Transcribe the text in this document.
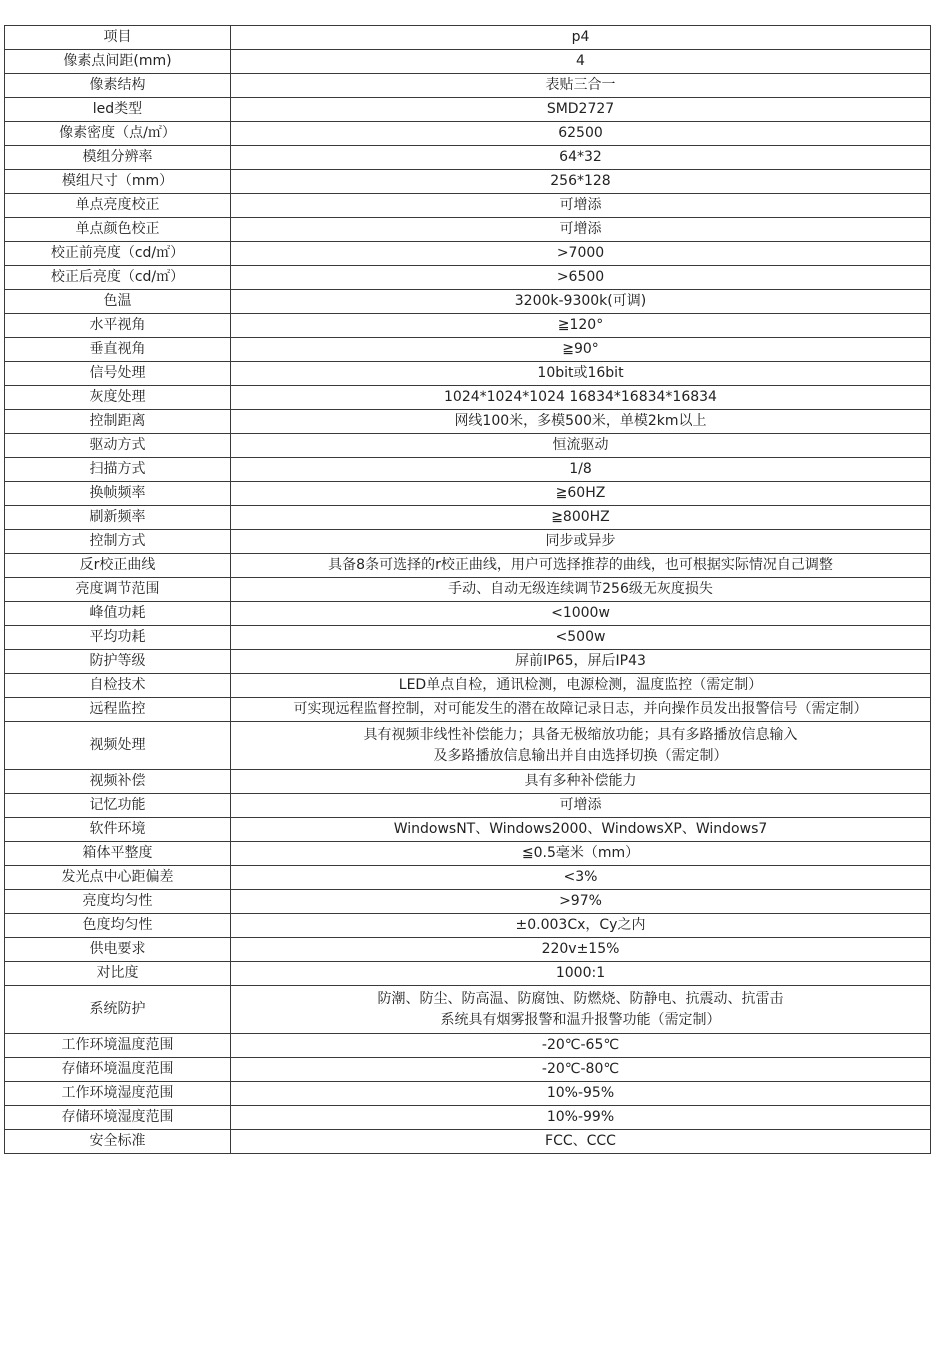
项目	p4
像素点间距(mm)	4
像素结构	表贴三合一
led类型	SMD2727
像素密度（点/㎡）	62500
模组分辨率	64*32
模组尺寸（mm）	256*128
单点亮度校正	可增添
单点颜色校正	可增添
校正前亮度（cd/㎡）	>7000
校正后亮度（cd/㎡）	>6500
色温	3200k-9300k(可调)
水平视角	≧120°
垂直视角	≧90°
信号处理	10bit或16bit
灰度处理	1024*1024*1024 16834*16834*16834
控制距离	网线100米，多模500米，单模2km以上
驱动方式	恒流驱动
扫描方式	1/8
换帧频率	≧60HZ
刷新频率	≧800HZ
控制方式	同步或异步
反r校正曲线	具备8条可选择的r校正曲线，用户可选择推荐的曲线，也可根据实际情况自己调整
亮度调节范围	手动、自动无级连续调节256级无灰度损失
峰值功耗	<1000w
平均功耗	<500w
防护等级	屏前IP65，屏后IP43
自检技术	LED单点自检，通讯检测，电源检测，温度监控（需定制）
远程监控	可实现远程监督控制，对可能发生的潜在故障记录日志，并向操作员发出报警信号（需定制）
视频处理	具有视频非线性补偿能力；具备无极缩放功能；具有多路播放信息输入
及多路播放信息输出并自由选择切换（需定制）

视频补偿	具有多种补偿能力
记忆功能	可增添
软件环境	WindowsNT、Windows2000、WindowsXP、Windows7
箱体平整度	≦0.5毫米（mm）
发光点中心距偏差	<3%
亮度均匀性	>97%
色度均匀性	±0.003Cx，Cy之内
供电要求	220v±15%
对比度	1000:1
系统防护	防潮、防尘、防高温、防腐蚀、防燃烧、防静电、抗震动、抗雷击
系统具有烟雾报警和温升报警功能（需定制）

工作环境温度范围	-20℃-65℃
存储环境温度范围	-20℃-80℃
工作环境湿度范围	10%-95%
存储环境湿度范围	10%-99%
安全标准	FCC、CCC
